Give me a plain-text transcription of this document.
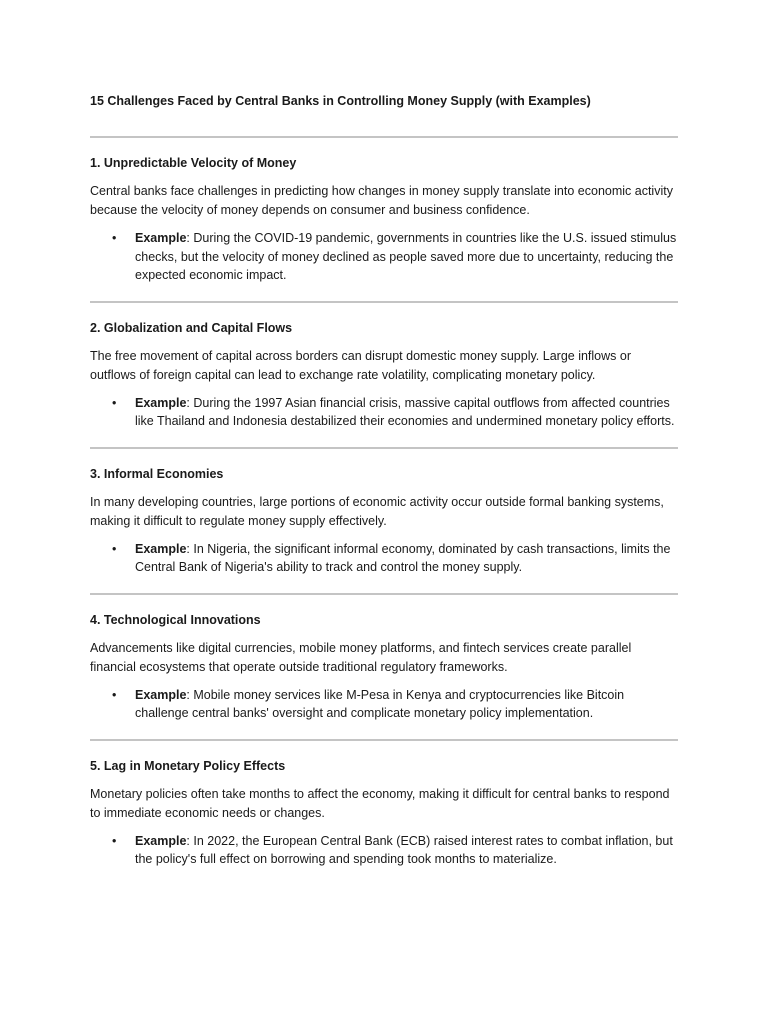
15 Challenges Faced by Central Banks in Controlling Money Supply (with Examples)
1. Unpredictable Velocity of Money

Central banks face challenges in predicting how changes in money supply translate into economic activity because the velocity of money depends on consumer and business confidence.

• Example: During the COVID-19 pandemic, governments in countries like the U.S. issued stimulus checks, but the velocity of money declined as people saved more due to uncertainty, reducing the expected economic impact.
2. Globalization and Capital Flows

The free movement of capital across borders can disrupt domestic money supply. Large inflows or outflows of foreign capital can lead to exchange rate volatility, complicating monetary policy.

• Example: During the 1997 Asian financial crisis, massive capital outflows from affected countries like Thailand and Indonesia destabilized their economies and undermined monetary policy efforts.
3. Informal Economies

In many developing countries, large portions of economic activity occur outside formal banking systems, making it difficult to regulate money supply effectively.

• Example: In Nigeria, the significant informal economy, dominated by cash transactions, limits the Central Bank of Nigeria's ability to track and control the money supply.
4. Technological Innovations

Advancements like digital currencies, mobile money platforms, and fintech services create parallel financial ecosystems that operate outside traditional regulatory frameworks.

• Example: Mobile money services like M-Pesa in Kenya and cryptocurrencies like Bitcoin challenge central banks' oversight and complicate monetary policy implementation.
5. Lag in Monetary Policy Effects

Monetary policies often take months to affect the economy, making it difficult for central banks to respond to immediate economic needs or changes.

• Example: In 2022, the European Central Bank (ECB) raised interest rates to combat inflation, but the policy's full effect on borrowing and spending took months to materialize.
